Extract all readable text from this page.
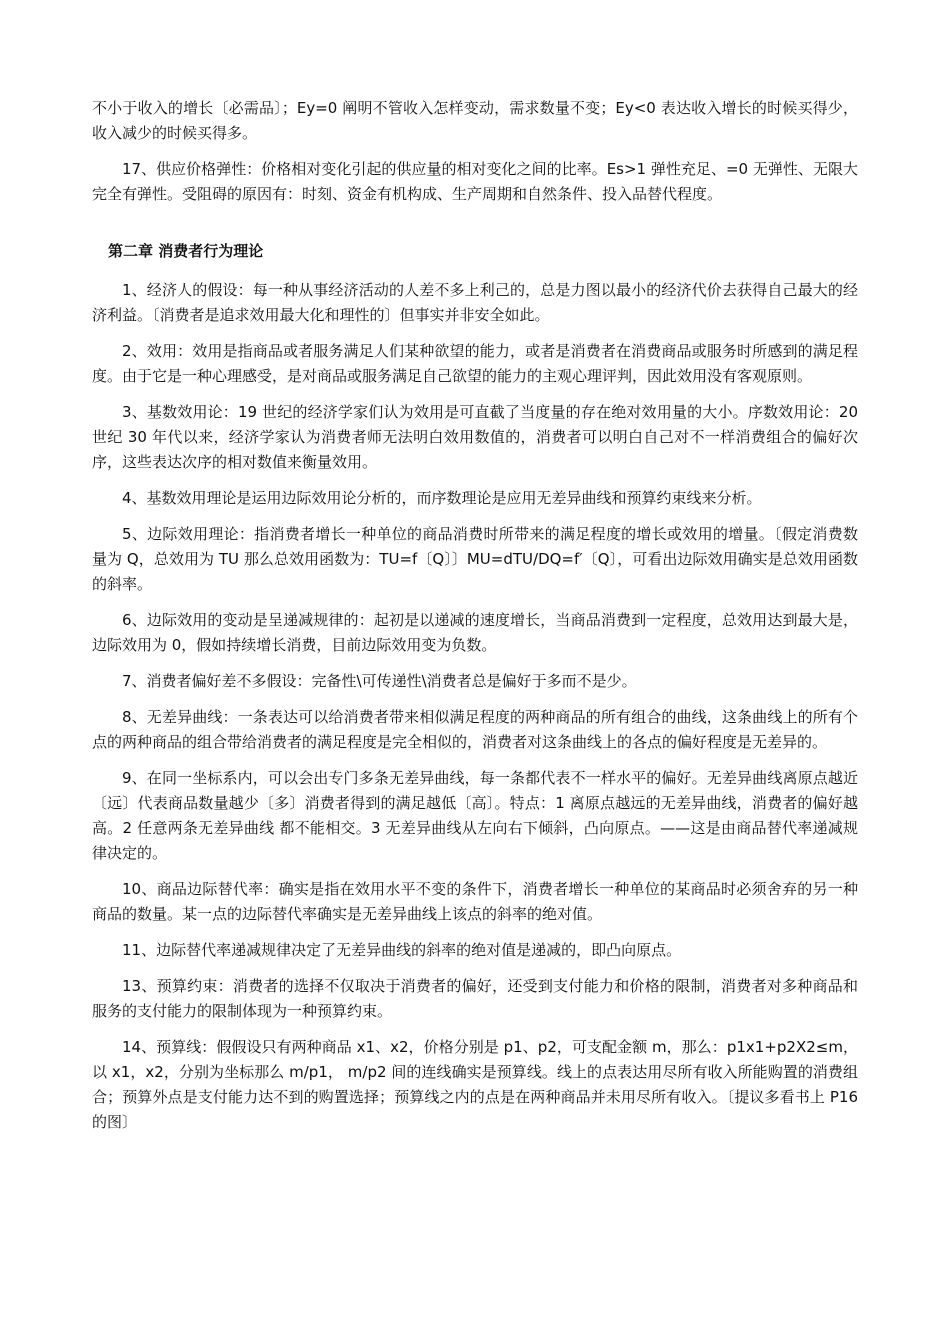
不小于收入的增长〔必需品〕；Ey=0 阐明不管收入怎样变动，需求数量不变；Ey<0 表达收入增长的时候买得少，收入减少的时候买得多。

17、供应价格弹性：价格相对变化引起的供应量的相对变化之间的比率。Es>1 弹性充足、=0 无弹性、无限大完全有弹性。受阻碍的原因有：时刻、资金有机构成、生产周期和自然条件、投入品替代程度。

第二章 消费者行为理论

1、经济人的假设：每一种从事经济活动的人差不多上利己的，总是力图以最小的经济代价去获得自己最大的经济利益。〔消费者是追求效用最大化和理性的〕但事实并非安全如此。

2、效用：效用是指商品或者服务满足人们某种欲望的能力，或者是消费者在消费商品或服务时所感到的满足程度。由于它是一种心理感受，是对商品或服务满足自己欲望的能力的主观心理评判，因此效用没有客观原则。

3、基数效用论：19 世纪的经济学家们认为效用是可直截了当度量的存在绝对效用量的大小。序数效用论：20 世纪 30 年代以来，经济学家认为消费者师无法明白效用数值的，消费者可以明白自己对不一样消费组合的偏好次序，这些表达次序的相对数值来衡量效用。

4、基数效用理论是运用边际效用论分析的，而序数理论是应用无差异曲线和预算约束线来分析。

5、边际效用理论：指消费者增长一种单位的商品消费时所带来的满足程度的增长或效用的增量。〔假定消费数量为 Q，总效用为 TU 那么总效用函数为：TU=f〔Q〕〕MU=dTU/DQ=f′〔Q〕，可看出边际效用确实是总效用函数的斜率。

6、边际效用的变动是呈递减规律的：起初是以递减的速度增长，当商品消费到一定程度，总效用达到最大是，边际效用为 0，假如持续增长消费，目前边际效用变为负数。

7、消费者偏好差不多假设：完备性\可传递性\消费者总是偏好于多而不是少。

8、无差异曲线：一条表达可以给消费者带来相似满足程度的两种商品的所有组合的曲线，这条曲线上的所有个点的两种商品的组合带给消费者的满足程度是完全相似的，消费者对这条曲线上的各点的偏好程度是无差异的。

9、在同一坐标系内，可以会出专门多条无差异曲线，每一条都代表不一样水平的偏好。无差异曲线离原点越近〔远〕代表商品数量越少〔多〕消费者得到的满足越低〔高〕。特点：1 离原点越远的无差异曲线，消费者的偏好越高。2 任意两条无差异曲线 都不能相交。3 无差异曲线从左向右下倾斜，凸向原点。——这是由商品替代率递减规律决定的。

10、商品边际替代率：确实是指在效用水平不变的条件下，消费者增长一种单位的某商品时必须舍弃的另一种商品的数量。某一点的边际替代率确实是无差异曲线上该点的斜率的绝对值。

11、边际替代率递减规律决定了无差异曲线的斜率的绝对值是递减的，即凸向原点。

13、预算约束：消费者的选择不仅取决于消费者的偏好，还受到支付能力和价格的限制，消费者对多种商品和服务的支付能力的限制体现为一种预算约束。

14、预算线：假假设只有两种商品 x1、x2，价格分别是 p1、p2，可支配金额 m，那么：p1x1+p2X2≤m，以 x1，x2，分别为坐标那么 m/p1， m/p2 间的连线确实是预算线。线上的点表达用尽所有收入所能购置的消费组合；预算外点是支付能力达不到的购置选择；预算线之内的点是在两种商品并未用尽所有收入。〔提议多看书上 P16 的图〕
